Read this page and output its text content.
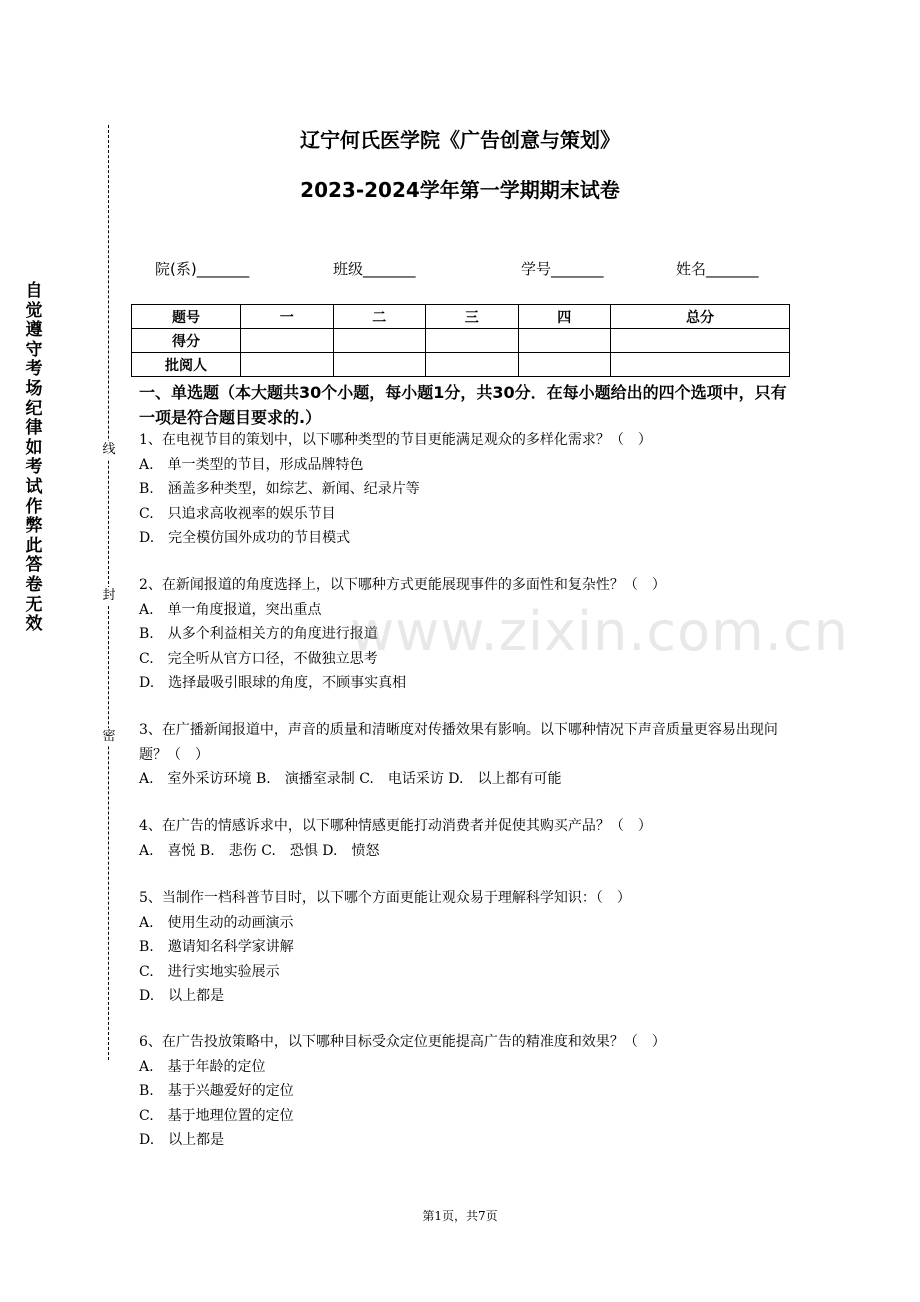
自觉遵守考场纪律如考试作弊此答卷无效
线
封
密
辽宁何氏医学院《广告创意与策划》
2023-2024学年第一学期期末试卷
院(系)_______	班级_______	学号_______	姓名_______
题号	一	二	三	四	总分
得分					
批阅人					
一、单选题（本大题共30个小题，每小题1分，共30分．在每小题给出的四个选项中，只有一项是符合题目要求的.）
1、在电视节目的策划中，以下哪种类型的节目更能满足观众的多样化需求？（　）
A.　单一类型的节目，形成品牌特色
B.　涵盖多种类型，如综艺、新闻、纪录片等
C.　只追求高收视率的娱乐节目
D.　完全模仿国外成功的节目模式
2、在新闻报道的角度选择上，以下哪种方式更能展现事件的多面性和复杂性？（　）
A.　单一角度报道，突出重点
B.　从多个利益相关方的角度进行报道
C.　完全听从官方口径，不做独立思考
D.　选择最吸引眼球的角度，不顾事实真相
3、在广播新闻报道中，声音的质量和清晰度对传播效果有影响。以下哪种情况下声音质量更容易出现问题？（　）
A.　室外采访环境 B.　演播室录制 C.　电话采访 D.　以上都有可能
4、在广告的情感诉求中，以下哪种情感更能打动消费者并促使其购买产品？（　）
A.　喜悦 B.　悲伤 C.　恐惧 D.　愤怒
5、当制作一档科普节目时，以下哪个方面更能让观众易于理解科学知识：（　）
A.　使用生动的动画演示
B.　邀请知名科学家讲解
C.　进行实地实验展示
D.　以上都是
6、在广告投放策略中，以下哪种目标受众定位更能提高广告的精准度和效果？（　）
A.　基于年龄的定位
B.　基于兴趣爱好的定位
C.　基于地理位置的定位
D.　以上都是
www.zixin.com.cn
第1页，共7页
